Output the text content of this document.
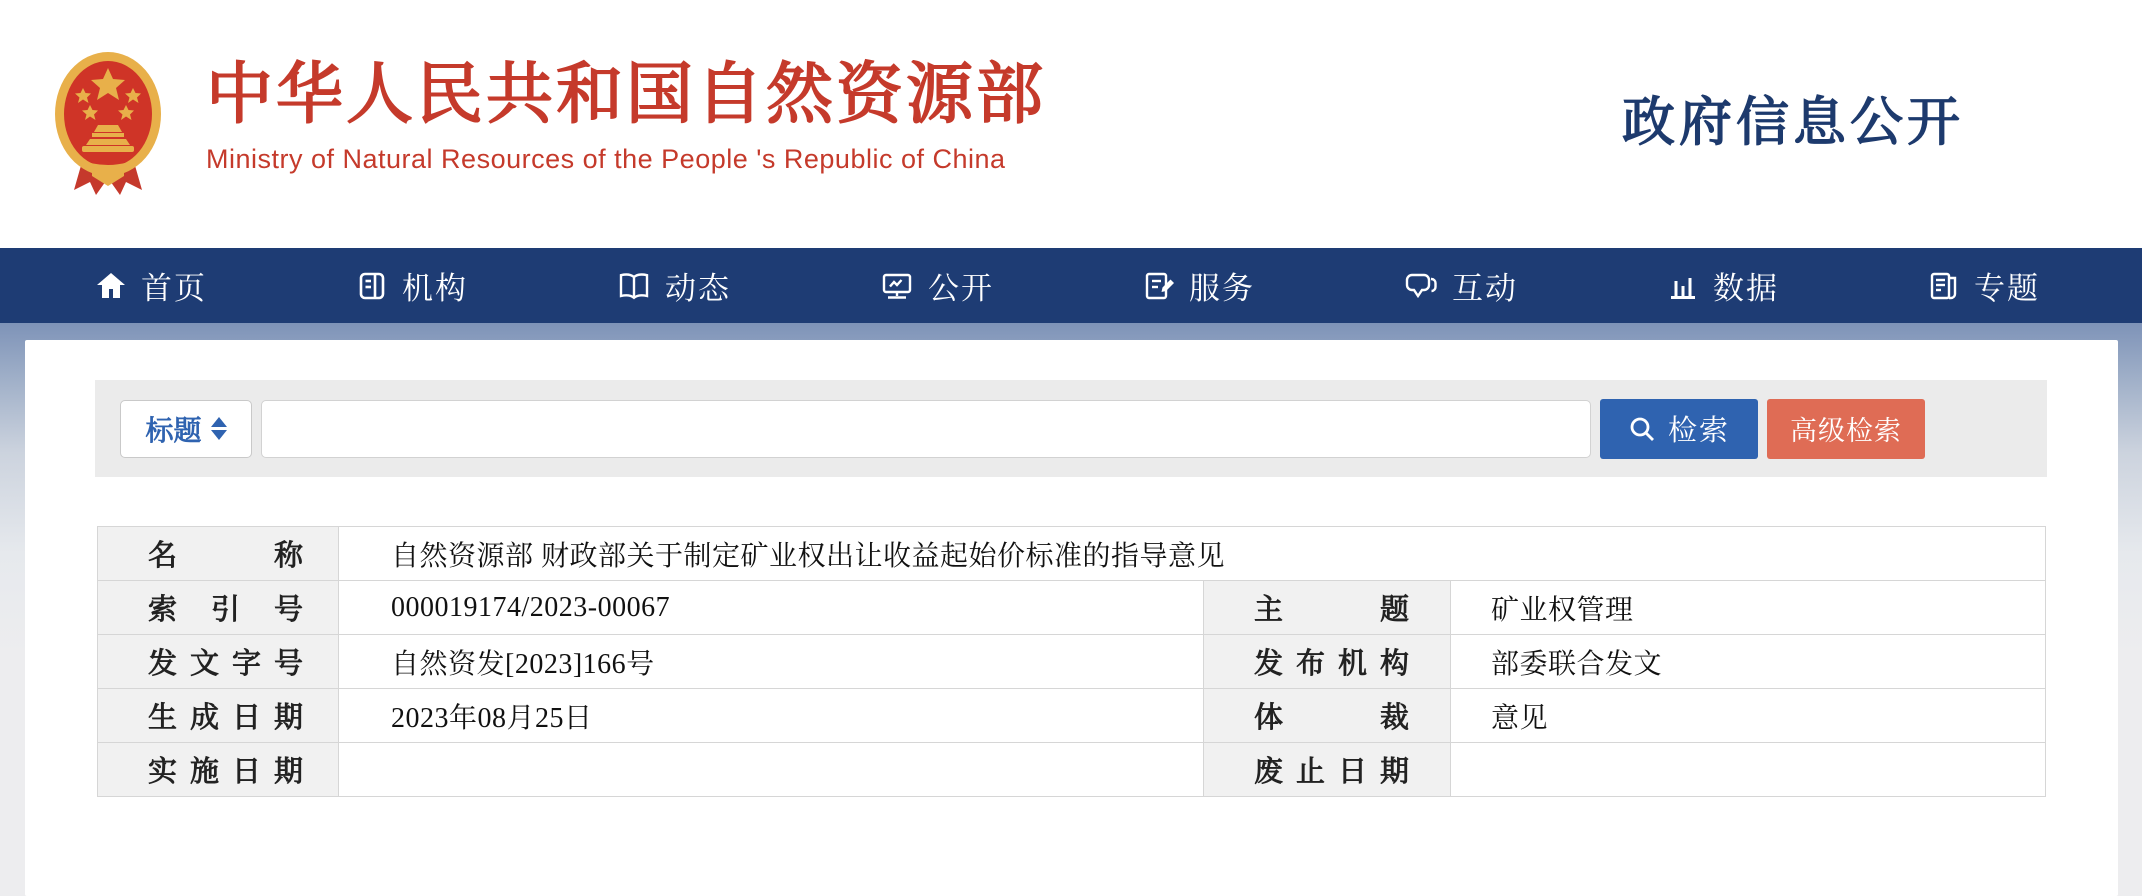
中华人民共和国自然资源部
Ministry of Natural Resources of the People 's Republic of China
政府信息公开
首页	机构	动态	公开	服务	互动	数据	专题
标题	检索 高级检索
名 称	自然资源部 财政部关于制定矿业权出让收益起始价标准的指导意见		
索 引 号	000019174/2023-00067	主 题	矿业权管理
发文字号	自然资发[2023]166号	发布机构	部委联合发文
生成日期	2023年08月25日	体 裁	意见
实施日期		废止日期	
